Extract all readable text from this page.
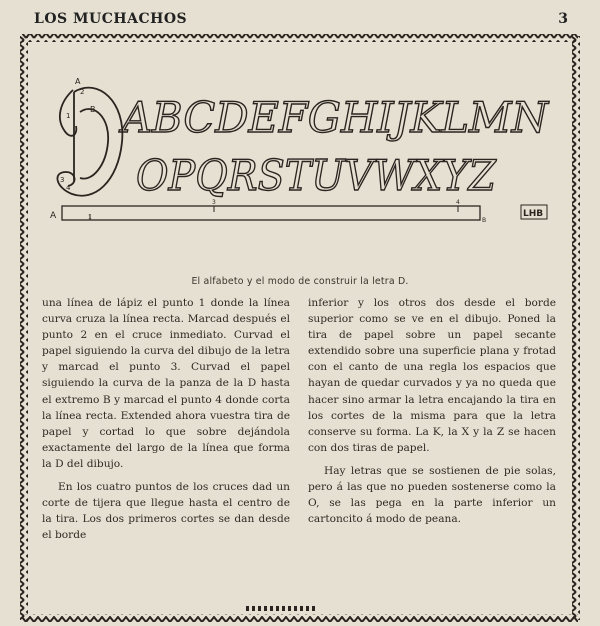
LOS MUCHACHOS	3
A
B
1
2
3
4
ABCDEFGHIJKLMN
OPQRSTUVWXYZ
A	1
3	4
B
LHB
El alfabeto y el modo de construir la letra D.

una línea de lápiz el punto 1 donde la línea curva cruza la línea recta. Marcad después el punto 2 en el cruce inmediato. Curvad el papel siguiendo la curva del dibujo de la letra y marcad el punto 3. Curvad el papel siguiendo la curva de la panza de la D hasta el extremo B y marcad el punto 4 donde corta la línea recta. Extended ahora vuestra tira de papel y cortad lo que sobre dejándola exactamente del largo de la línea que forma la D del dibujo.

En los cuatro puntos de los cruces dad un corte de tijera que llegue hasta el centro de la tira. Los dos primeros cortes se dan desde el borde

inferior y los otros dos desde el borde superior como se ve en el dibujo. Poned la tira de papel sobre un papel secante extendido sobre una superficie plana y frotad con el canto de una regla los espacios que hayan de quedar curvados y ya no queda que hacer sino armar la letra encajando la tira en los cortes de la misma para que la letra conserve su forma. La K, la X y la Z se hacen con dos tiras de papel.

Hay letras que se sostienen de pie solas, pero á las que no pueden sostenerse como la O, se las pega en la parte inferior un cartoncito á modo de peana.
